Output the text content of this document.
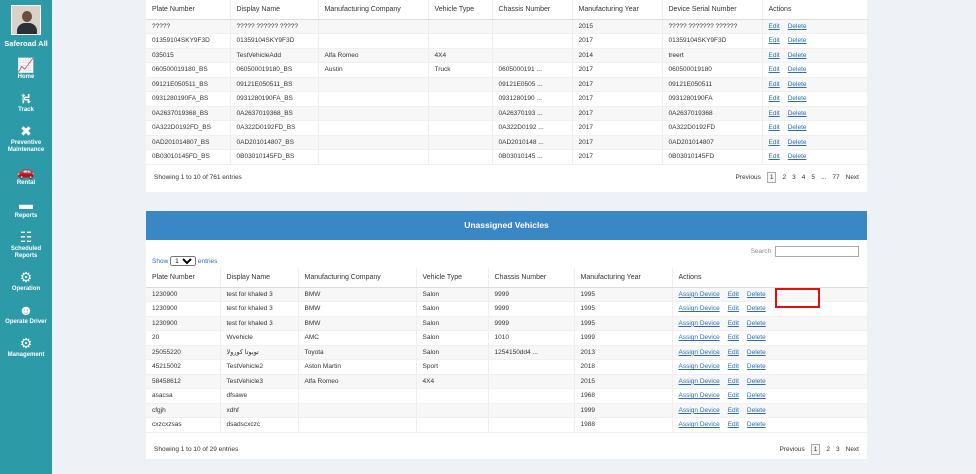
Saferoad All
📈
Home
⛕
Track
✖
Preventive Maintenance
🚗
Rental
▬
Reports
☷
Scheduled Reports
⚙
Operation
☻
Operate Driver
⚙
Management
Plate Number	Display Name	Manufacturing Company	Vehicle Type	Chassis Number	Manufacturing Year	Device Serial Number	Actions
?????	????? ?????? ?????				2015	????? ??????? ??????	Edit Delete
01359104SKY9F3D	01359104SKY9F3D				2017	01359104SKY9F3D	Edit Delete
035015	TestVehicleAdd	Alfa Romeo	4X4		2014	treert	Edit Delete
060500019180_BS	060500019180_BS	Austin	Truck	0605000191 ...	2017	060500019180	Edit Delete
09121E050511_BS	09121E050511_BS			09121E0505 ...	2017	09121E050511	Edit Delete
0931280190FA_BS	0931280190FA_BS			0931280190 ...	2017	0931280190FA	Edit Delete
0A2637019368_BS	0A2637019368_BS			0A26370193 ...	2017	0A2637019368	Edit Delete
0A322D0192FD_BS	0A322D0192FD_BS			0A322D0192 ...	2017	0A322D0192FD	Edit Delete
0AD201014807_BS	0AD201014807_BS			0AD2010148 ...	2017	0AD201014807	Edit Delete
0B03010145FD_BS	0B03010145FD_BS			0B03010145 ...	2017	0B03010145FD	Edit Delete
Showing 1 to 10 of 761 entries	Previous 1 2 3 4 5 ... 77 Next
Unassigned Vehicles
Show
10	entries
Search
Plate Number	Display Name	Manufacturing Company	Vehicle Type	Chassis Number	Manufacturing Year	Actions
1230900	test for khaled 3	BMW	Salon	9999	1995	Assign Device Edit Delete
1230900	test for khaled 3	BMW	Salon	9999	1995	Assign Device Edit Delete
1230900	test for khaled 3	BMW	Salon	9999	1995	Assign Device Edit Delete
20	Wvehicle	AMC	Salon	1010	1999	Assign Device Edit Delete
25055220	تويوتا كورولا	Toyota	Salon	1254150dd4 ...	2013	Assign Device Edit Delete
45215002	TestVehicle2	Aston Martin	Sport		2018	Assign Device Edit Delete
58458612	TestVehicle3	Alfa Romeo	4X4		2015	Assign Device Edit Delete
asacsa	dfsawe				1968	Assign Device Edit Delete
cfgjh	xdhf				1999	Assign Device Edit Delete
cxzcxzsas	dsadscxczc				1988	Assign Device Edit Delete
Showing 1 to 10 of 29 entries	Previous 1 2 3 Next
